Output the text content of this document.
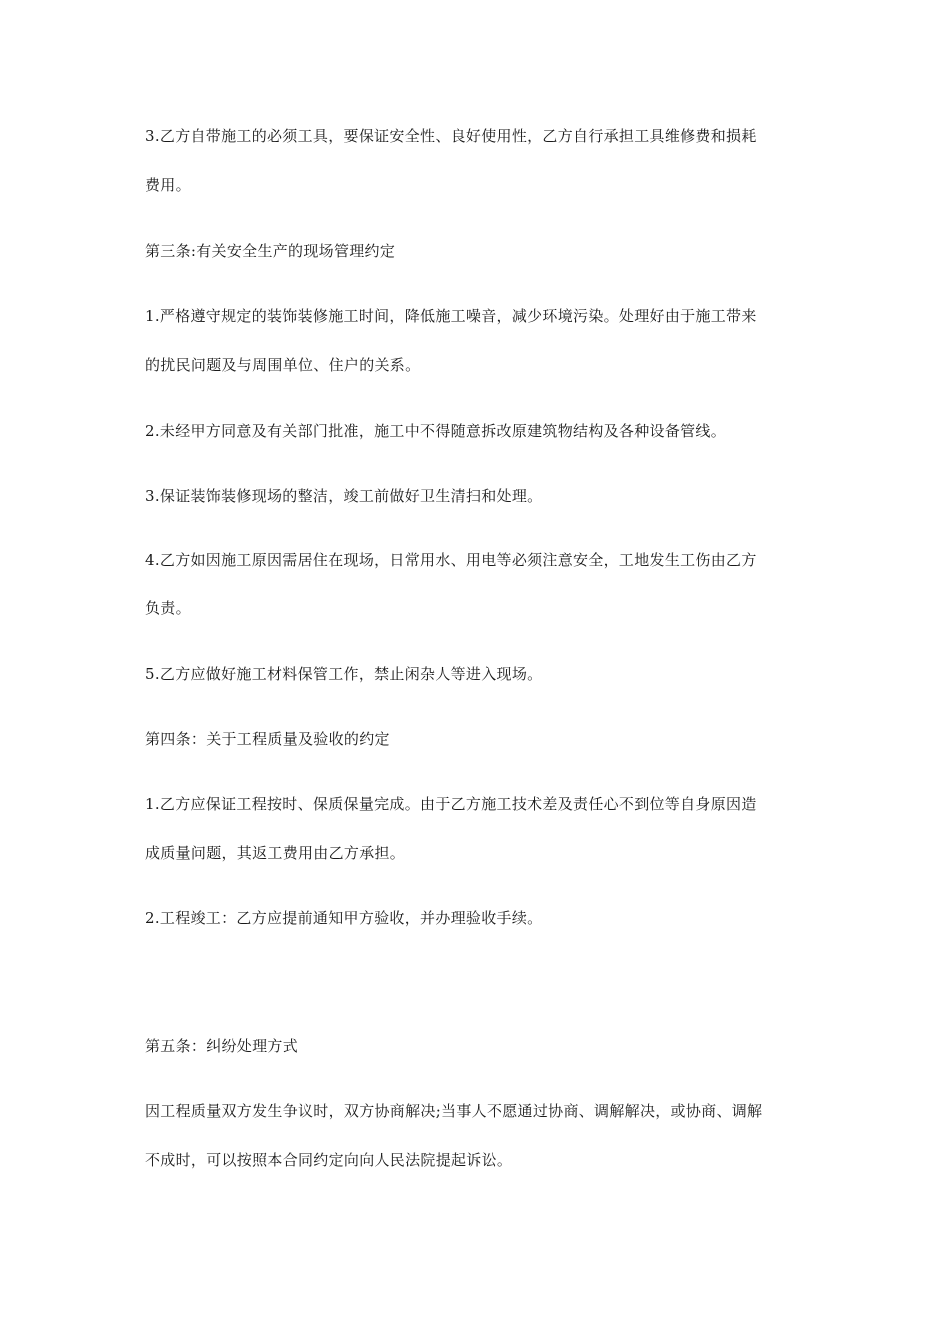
3.乙方自带施工的必须工具，要保证安全性、良好使用性，乙方自行承担工具维修费和损耗
费用。
第三条:有关安全生产的现场管理约定
1.严格遵守规定的装饰装修施工时间，降低施工噪音，减少环境污染。处理好由于施工带来
的扰民问题及与周围单位、住户的关系。
2.未经甲方同意及有关部门批准，施工中不得随意拆改原建筑物结构及各种设备管线。
3.保证装饰装修现场的整洁，竣工前做好卫生清扫和处理。
4.乙方如因施工原因需居住在现场，日常用水、用电等必须注意安全，工地发生工伤由乙方
负责。
5.乙方应做好施工材料保管工作，禁止闲杂人等进入现场。
第四条：关于工程质量及验收的约定
1.乙方应保证工程按时、保质保量完成。由于乙方施工技术差及责任心不到位等自身原因造
成质量问题，其返工费用由乙方承担。
2.工程竣工：乙方应提前通知甲方验收，并办理验收手续。
第五条：纠纷处理方式
因工程质量双方发生争议时，双方协商解决;当事人不愿通过协商、调解解决，或协商、调解
不成时，可以按照本合同约定向向人民法院提起诉讼。
